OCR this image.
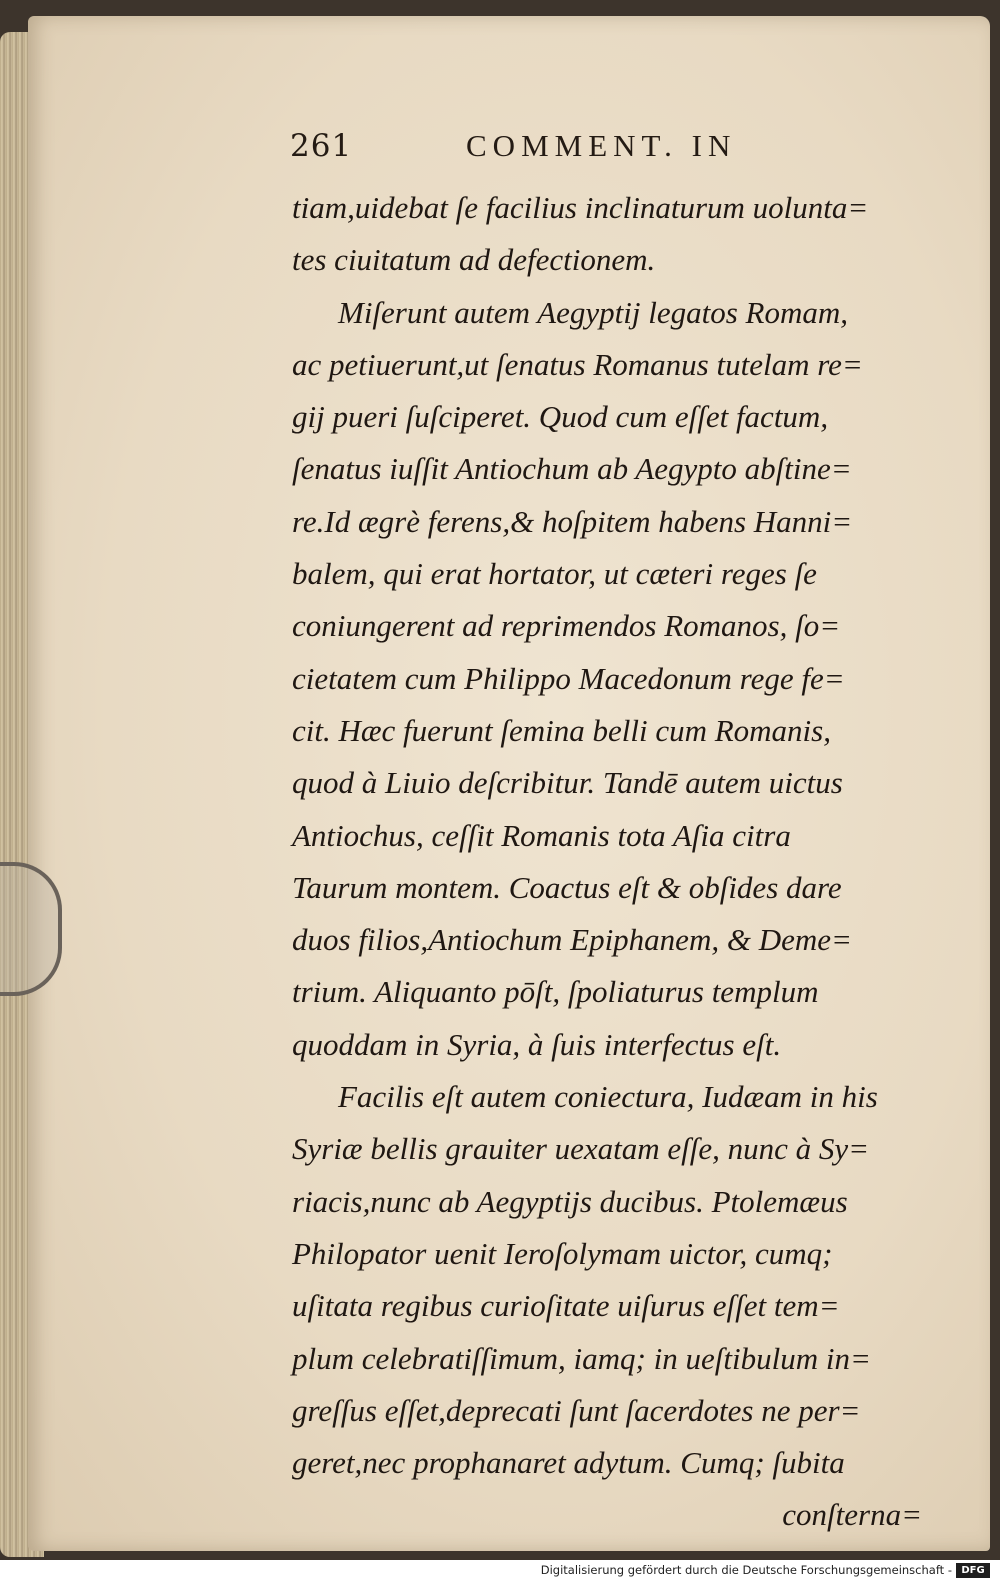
261	COMMENT. IN
tiam,uidebat ſe facilius inclinaturum uolunta=
tes ciuitatum ad defectionem.
Miſerunt autem Aegyptij legatos Romam,
ac petiuerunt,ut ſenatus Romanus tutelam re=
gij pueri ſuſciperet. Quod cum eſſet factum,
ſenatus iuſſit Antiochum ab Aegypto abſtine=
re.Id ægrè ferens,& hoſpitem habens Hanni=
balem, qui erat hortator, ut cæteri reges ſe
coniungerent ad reprimendos Romanos, ſo=
cietatem cum Philippo Macedonum rege fe=
cit. Hæc fuerunt ſemina belli cum Romanis,
quod à Liuio deſcribitur. Tandē autem uictus
Antiochus, ceſſit Romanis tota Aſia citra
Taurum montem. Coactus eſt & obſides dare
duos filios,Antiochum Epiphanem, & Deme=
trium. Aliquanto pōſt, ſpoliaturus templum
quoddam in Syria, à ſuis interfectus eſt.
Facilis eſt autem coniectura, Iudæam in his
Syriæ bellis grauiter uexatam eſſe, nunc à Sy=
riacis,nunc ab Aegyptijs ducibus. Ptolemæus
Philopator uenit Ieroſolymam uictor, cumq;
uſitata regibus curioſitate uiſurus eſſet tem=
plum celebratiſſimum, iamq; in ueſtibulum in=
greſſus eſſet,deprecati ſunt ſacerdotes ne per=
geret,nec prophanaret adytum. Cumq; ſubita
conſterna=
Digitalisierung gefördert durch die Deutsche Forschungsgemeinschaft - DFG
